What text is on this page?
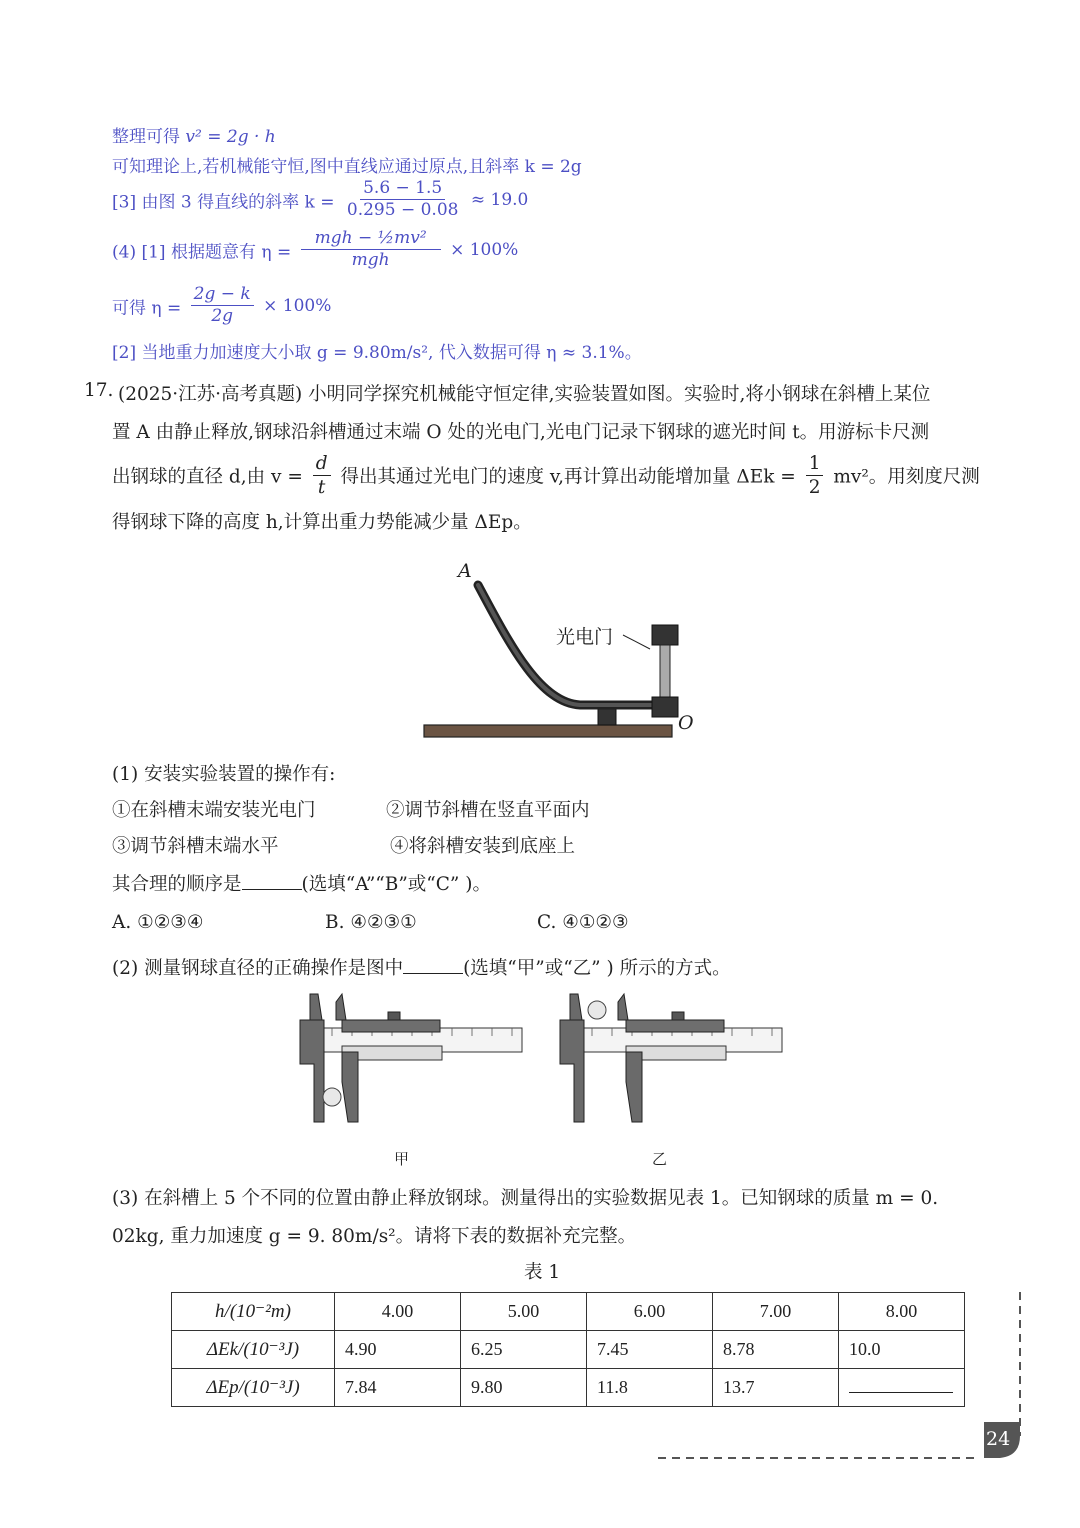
整理可得 v² = 2g · h
可知理论上,若机械能守恒,图中直线应通过原点,且斜率 k = 2g
[3] 由图 3 得直线的斜率 $k = \frac{5.6 - 1.5}{0.295 - 0.08} \approx 19.0$
(4) [1] 根据题意有 $\eta = \frac{\text{mgh − ½mv²}}{\text{mgh}} \times 100\%$
可得 $\eta = \frac{2g - k}{2g} \times 100\%$
[2] 当地重力加速度大小取 g = 9.80m/s², 代入数据可得 η ≈ 3.1%。
17. (2025·江苏·高考真题) 小明同学探究机械能守恒定律,实验装置如图。实验时,将小钢球在斜槽上某位
置 A 由静止释放,钢球沿斜槽通过末端 O 处的光电门,光电门记录下钢球的遮光时间 t。用游标卡尺测
出钢球的直径 d,由 $v = \frac{d}{t}$ 得出其通过光电门的速度 v,再计算出动能增加量 $\Delta Ek = \frac{1}{2} mv^2$。用刻度尺测
得钢球下降的高度 h,计算出重力势能减少量 ΔEp。
A
O
光电门
(1) 安装实验装置的操作有:
①在斜槽末端安装光电门	②调节斜槽在竖直平面内
③调节斜槽末端水平	④将斜槽安装到底座上
其合理的顺序是	(选填“A”“B”或“C” )。
A. ①②③④	B. ④②③①	C. ④①②③
(2) 测量钢球直径的正确操作是图中	(选填“甲”或“乙” ) 所示的方式。
甲	乙
(3) 在斜槽上 5 个不同的位置由静止释放钢球。测量得出的实验数据见表 1。已知钢球的质量 m = 0.
02kg, 重力加速度 g = 9. 80m/s²。请将下表的数据补充完整。
表 1
h/(10⁻²m)	4.00	5.00	6.00	7.00	8.00
ΔEk/(10⁻³J)	4.90	6.25	7.45	8.78	10.0
ΔEp/(10⁻³J)	7.84	9.80	11.8	13.7	
24
